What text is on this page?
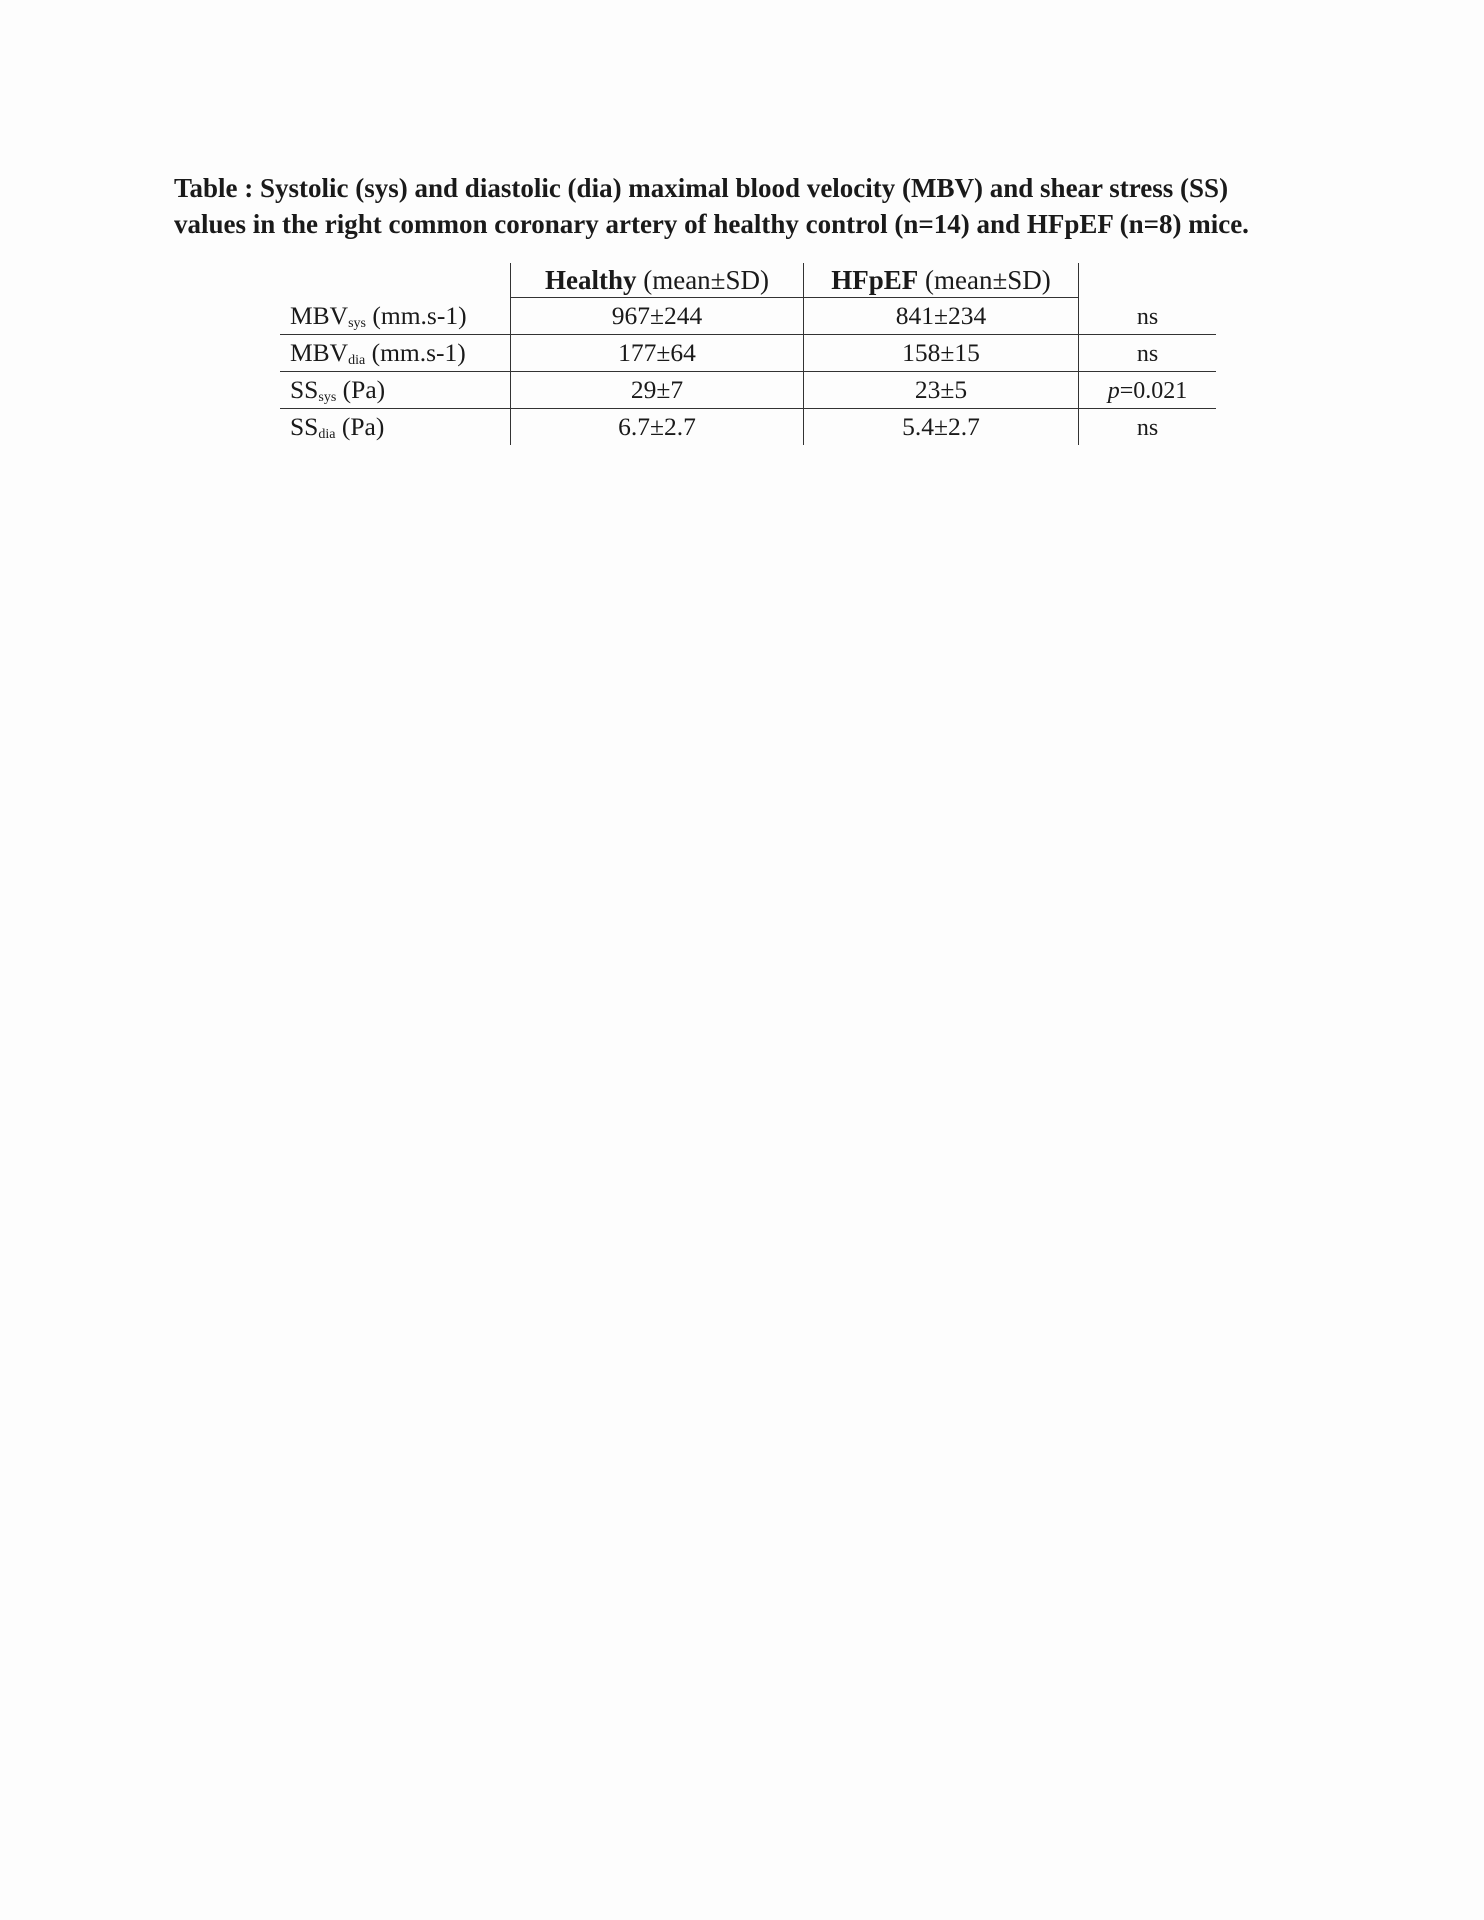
Table : Systolic (sys) and diastolic (dia) maximal blood velocity (MBV) and shear stress (SS)
values in the right common coronary artery of healthy control (n=14) and HFpEF (n=8) mice.
	Healthy (mean±SD)	HFpEF (mean±SD)	
$MBV_{sys}$ (mm.s-1)	967±244	841±234	ns
$MBV_{dia}$ (mm.s-1)	177±64	158±15	ns
$SS_{sys}$ (Pa)	29±7	23±5	p=0.021
$SS_{dia}$ (Pa)	6.7±2.7	5.4±2.7	ns
